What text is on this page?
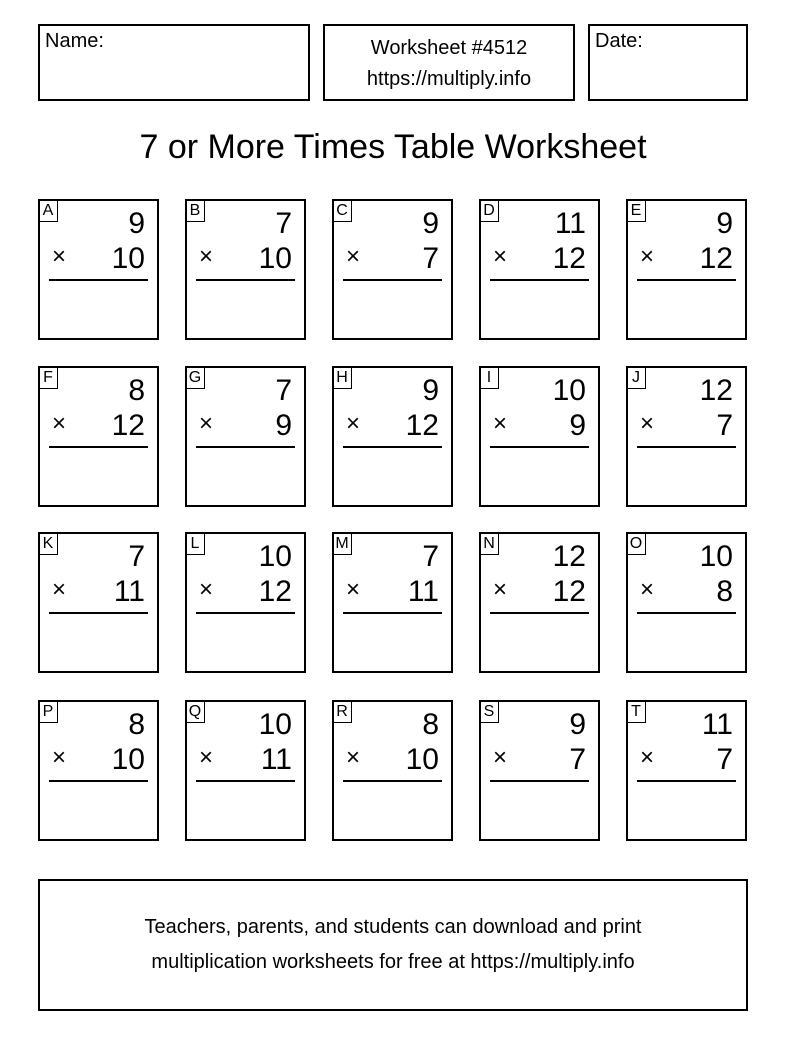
Name:	Worksheet #4512
https://multiply.info
Date:
7 or More Times Table Worksheet
A 9
× 10
B 7
× 10
C 9
× 7
D 11
× 12
E 9
× 12
F	8
× 12
G 7
× 9
H 9
× 12
I 10
× 9
J 12
× 7
K 7
× 11
L 10
× 12
M 7
× 11
N 12
× 12
O 10
× 8
P 8
× 10
Q 10
× 11
R 8
× 10
S 9
× 7
T 11
× 7
Teachers, parents, and students can download and print
multiplication worksheets for free at https://multiply.info
